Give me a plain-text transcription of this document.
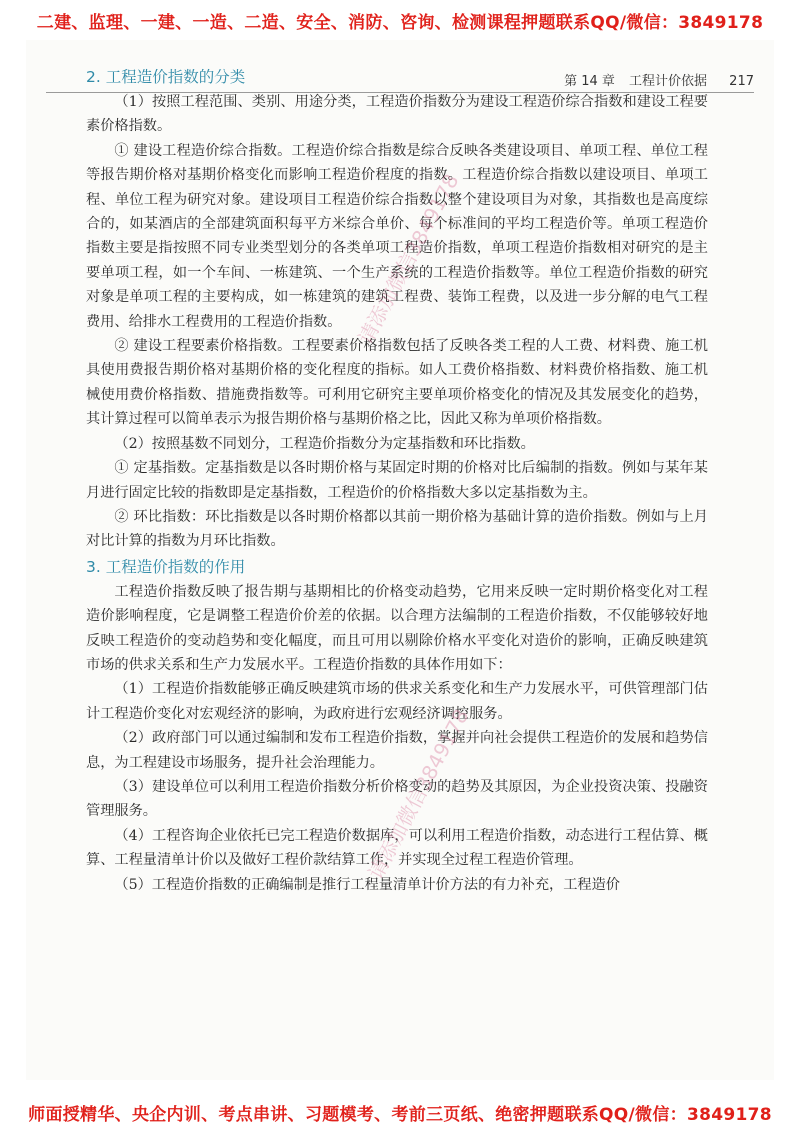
二建、监理、一建、一造、二造、安全、消防、咨询、检测课程押题联系QQ/微信：3849178
第 14 章 工程计价依据 217
2. 工程造价指数的分类

（1）按照工程范围、类别、用途分类，工程造价指数分为建设工程造价综合指数和建设工程要素价格指数。

① 建设工程造价综合指数。工程造价综合指数是综合反映各类建设项目、单项工程、单位工程等报告期价格对基期价格变化而影响工程造价程度的指数。工程造价综合指数以建设项目、单项工程、单位工程为研究对象。建设项目工程造价综合指数以整个建设项目为对象，其指数也是高度综合的，如某酒店的全部建筑面积每平方米综合单价、每个标准间的平均工程造价等。单项工程造价指数主要是指按照不同专业类型划分的各类单项工程造价指数，单项工程造价指数相对研究的是主要单项工程，如一个车间、一栋建筑、一个生产系统的工程造价指数等。单位工程造价指数的研究对象是单项工程的主要构成，如一栋建筑的建筑工程费、装饰工程费，以及进一步分解的电气工程费用、给排水工程费用的工程造价指数。

② 建设工程要素价格指数。工程要素价格指数包括了反映各类工程的人工费、材料费、施工机具使用费报告期价格对基期价格的变化程度的指标。如人工费价格指数、材料费价格指数、施工机械使用费价格指数、措施费指数等。可利用它研究主要单项价格变化的情况及其发展变化的趋势，其计算过程可以简单表示为报告期价格与基期价格之比，因此又称为单项价格指数。

（2）按照基数不同划分，工程造价指数分为定基指数和环比指数。

① 定基指数。定基指数是以各时期价格与某固定时期的价格对比后编制的指数。例如与某年某月进行固定比较的指数即是定基指数，工程造价的价格指数大多以定基指数为主。

② 环比指数：环比指数是以各时期价格都以其前一期价格为基础计算的造价指数。例如与上月对比计算的指数为月环比指数。

3. 工程造价指数的作用

工程造价指数反映了报告期与基期相比的价格变动趋势，它用来反映一定时期价格变化对工程造价影响程度，它是调整工程造价价差的依据。以合理方法编制的工程造价指数，不仅能够较好地反映工程造价的变动趋势和变化幅度，而且可用以剔除价格水平变化对造价的影响，正确反映建筑市场的供求关系和生产力发展水平。工程造价指数的具体作用如下：

（1）工程造价指数能够正确反映建筑市场的供求关系变化和生产力发展水平，可供管理部门估计工程造价变化对宏观经济的影响，为政府进行宏观经济调控服务。

（2）政府部门可以通过编制和发布工程造价指数，掌握并向社会提供工程造价的发展和趋势信息，为工程建设市场服务，提升社会治理能力。

（3）建设单位可以利用工程造价指数分析价格变动的趋势及其原因，为企业投资决策、投融资管理服务。

（4）工程咨询企业依托已完工程造价数据库，可以利用工程造价指数，动态进行工程估算、概算、工程量清单计价以及做好工程价款结算工作，并实现全过程工程造价管理。

（5）工程造价指数的正确编制是推行工程量清单计价方法的有力补充，工程造价

请添加微信3849178
请添加微信3849178
师面授精华、央企内训、考点串讲、习题模考、考前三页纸、绝密押题联系QQ/微信：3849178
